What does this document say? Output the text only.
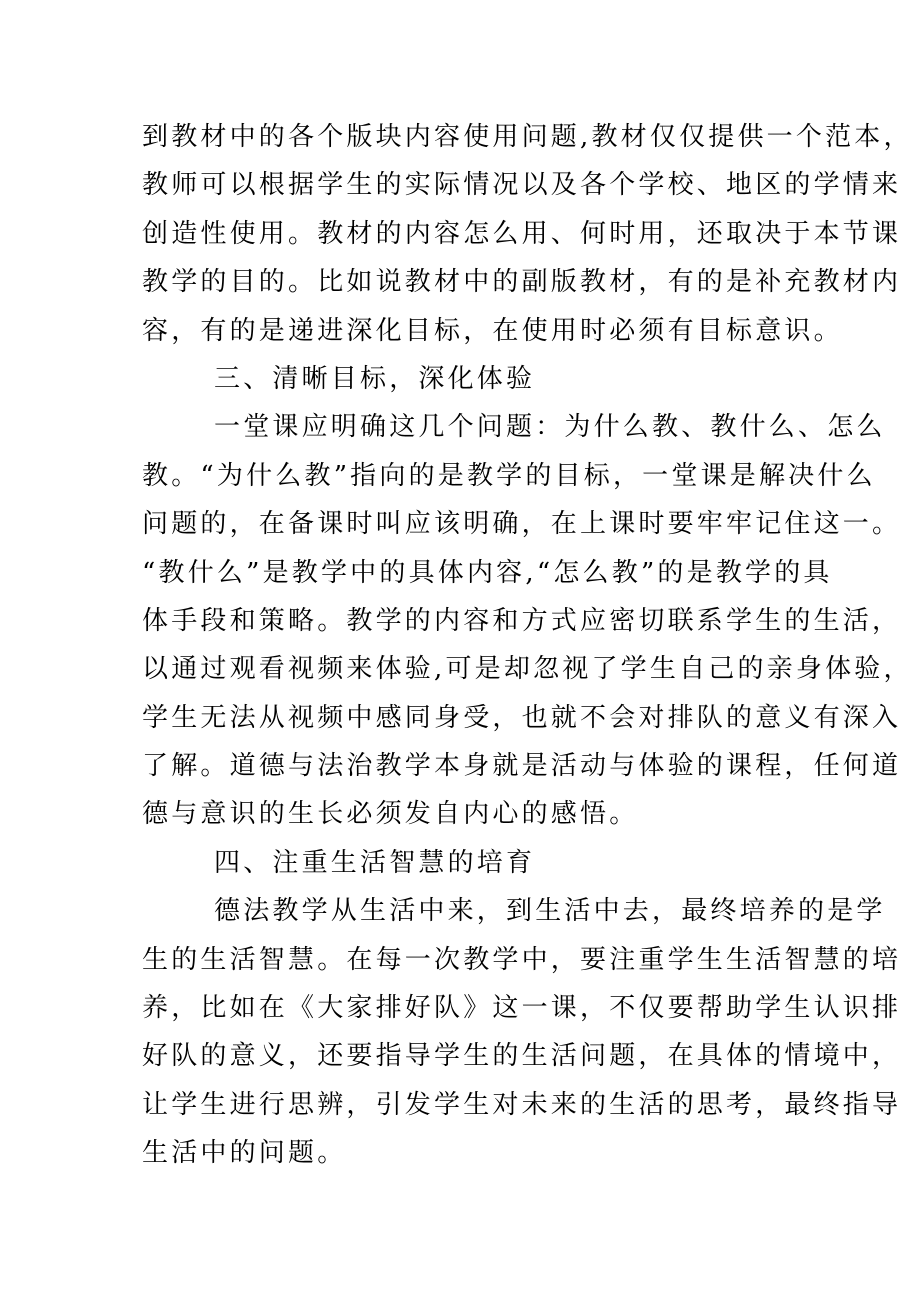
到教材中的各个版块内容使用问题,教材仅仅提供一个范本，
教师可以根据学生的实际情况以及各个学校、地区的学情来
创造性使用。教材的内容怎么用、何时用，还取决于本节课
教学的目的。比如说教材中的副版教材，有的是补充教材内
容，有的是递进深化目标，在使用时必须有目标意识。
三、清晰目标，深化体验
一堂课应明确这几个问题：为什么教、教什么、怎么
教。“为什么教”指向的是教学的目标，一堂课是解决什么
问题的，在备课时叫应该明确，在上课时要牢牢记住这一。
“教什么”是教学中的具体内容,“怎么教”的是教学的具
体手段和策略。教学的内容和方式应密切联系学生的生活，
以通过观看视频来体验,可是却忽视了学生自己的亲身体验，
学生无法从视频中感同身受，也就不会对排队的意义有深入
了解。道德与法治教学本身就是活动与体验的课程，任何道
德与意识的生长必须发自内心的感悟。
四、注重生活智慧的培育
德法教学从生活中来，到生活中去，最终培养的是学
生的生活智慧。在每一次教学中，要注重学生生活智慧的培
养，比如在《大家排好队》这一课，不仅要帮助学生认识排
好队的意义，还要指导学生的生活问题，在具体的情境中，
让学生进行思辨，引发学生对未来的生活的思考，最终指导
生活中的问题。
